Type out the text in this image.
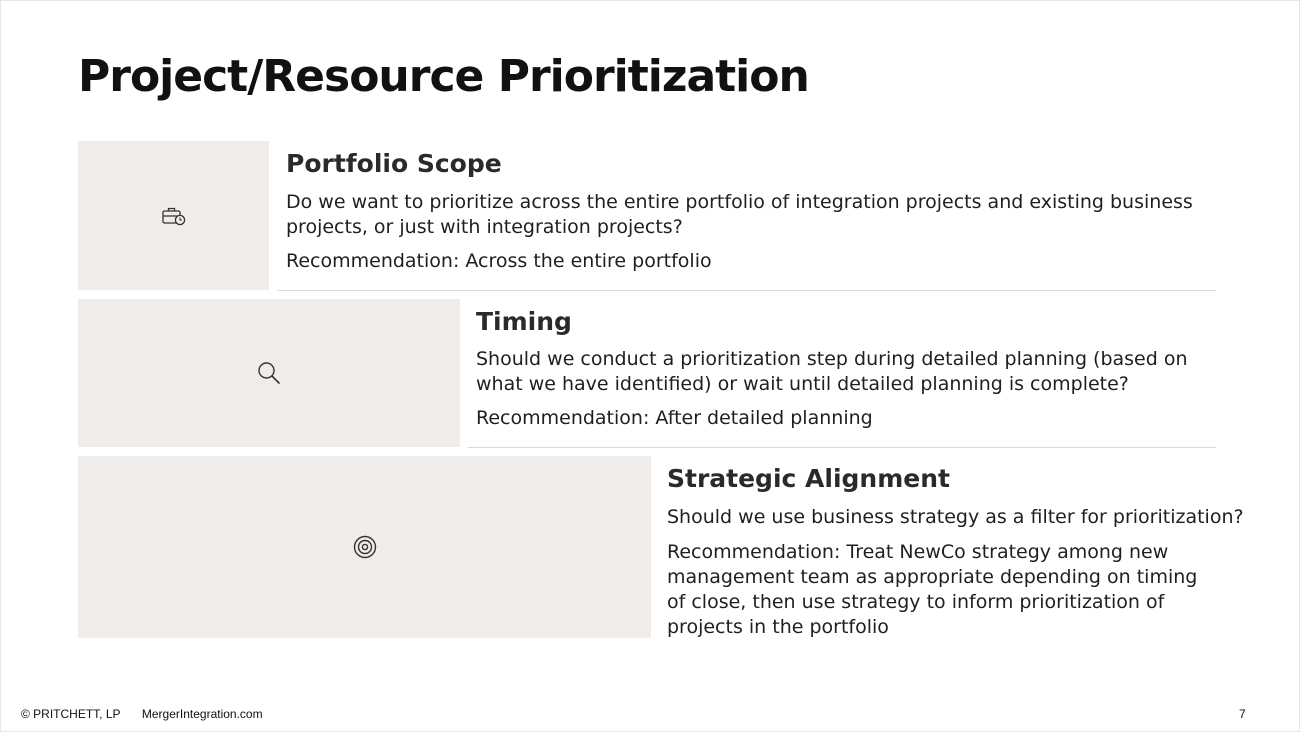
Project/Resource Prioritization
Portfolio Scope
Do we want to prioritize across the entire portfolio of integration projects and existing business projects, or just with integration projects?
Recommendation: Across the entire portfolio
Timing
Should we conduct a prioritization step during detailed planning (based on what we have identified) or wait until detailed planning is complete?
Recommendation: After detailed planning
Strategic Alignment
Should we use business strategy as a filter for prioritization?
Recommendation: Treat NewCo strategy among new management team as appropriate depending on timing of close, then use strategy to inform prioritization of projects in the portfolio
© PRITCHETT, LP MergerIntegration.com	7
